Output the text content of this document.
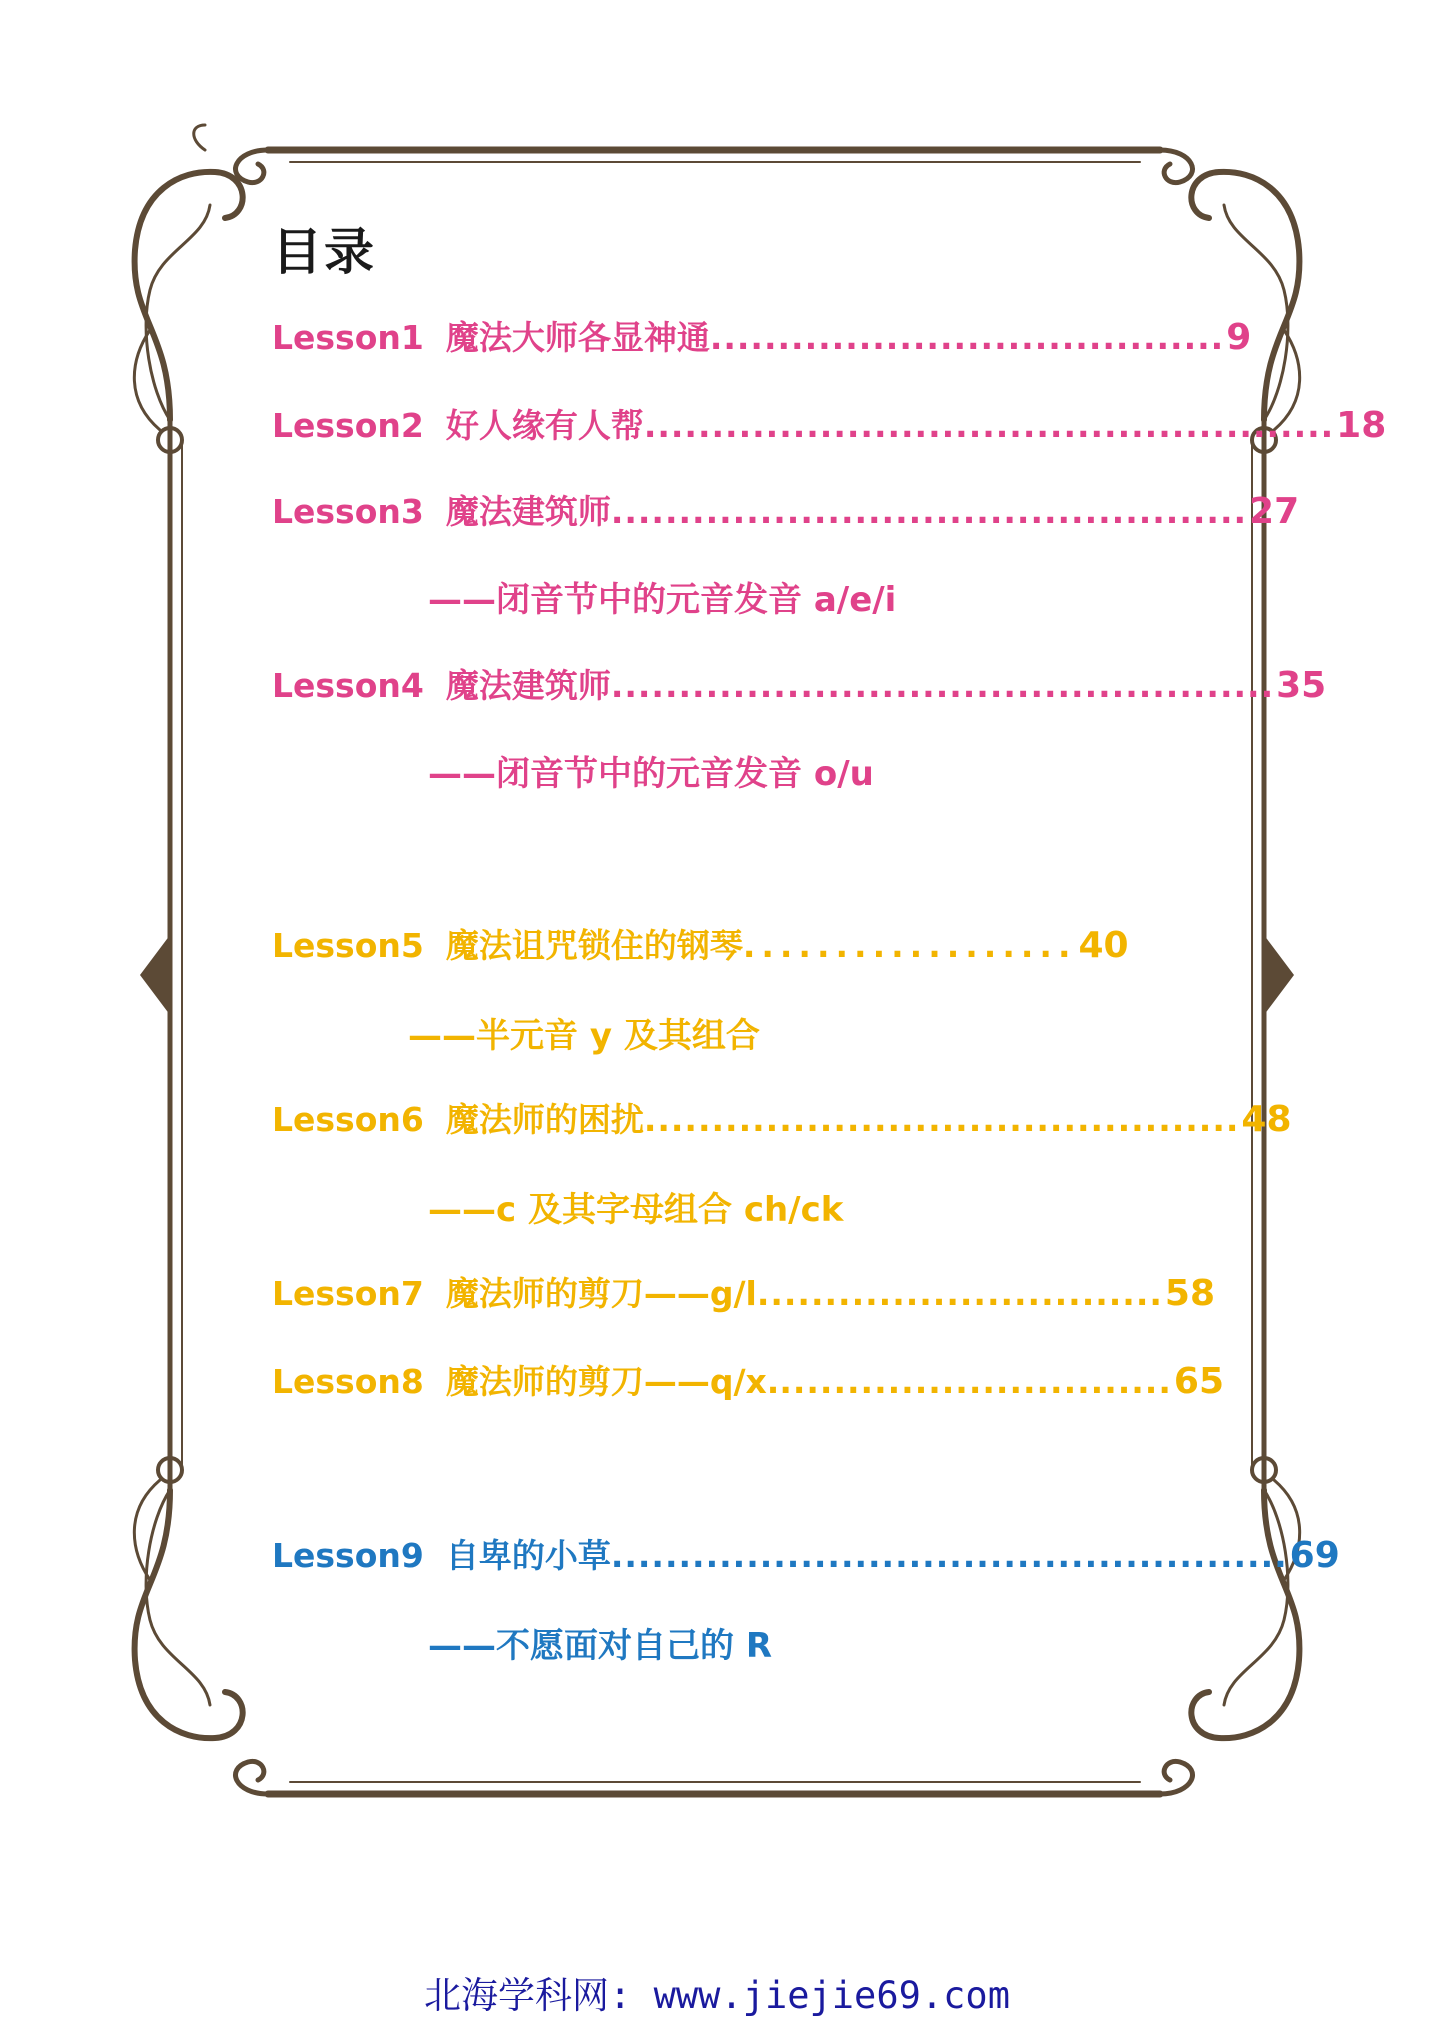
目录
Lesson1 魔法大师各显神通 ...................................... 9
Lesson2 好人缘有人帮 ................................................... 18
Lesson3 魔法建筑师 ............................................... 27
——闭音节中的元音发音 a/e/i
Lesson4 魔法建筑师 ................................................. 35
——闭音节中的元音发音 o/u
Lesson5 魔法诅咒锁住的钢琴 .................. 40
——半元音 y 及其组合
Lesson6 魔法师的困扰 ............................................ 48
——c 及其字母组合 ch/ck
Lesson7 魔法师的剪刀——g/l .............................. 58
Lesson8 魔法师的剪刀——q/x. ............................. 65
Lesson9 自卑的小草 .................................................. 69
——不愿面对自己的 R
北海学科网: www.jiejie69.com
